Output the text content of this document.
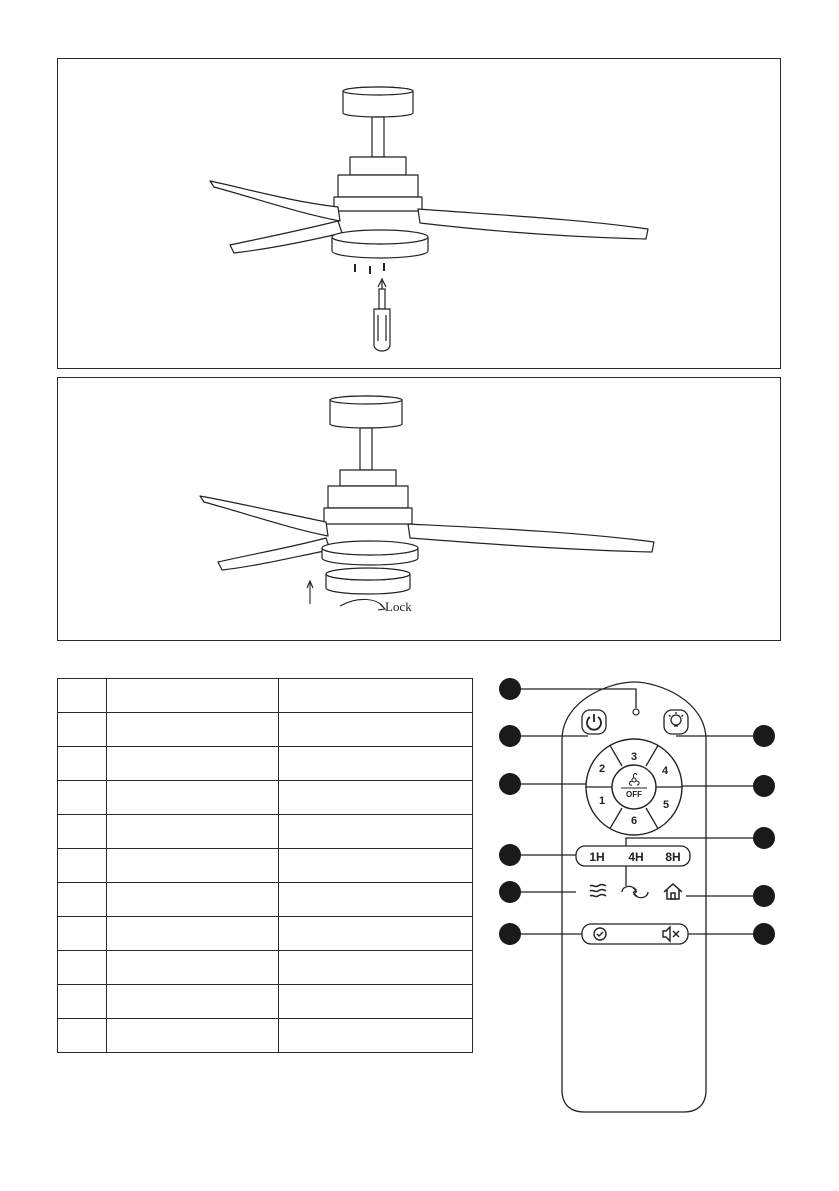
Lock

OFF
3
4
5
6
1
2
1H 4H 8H
